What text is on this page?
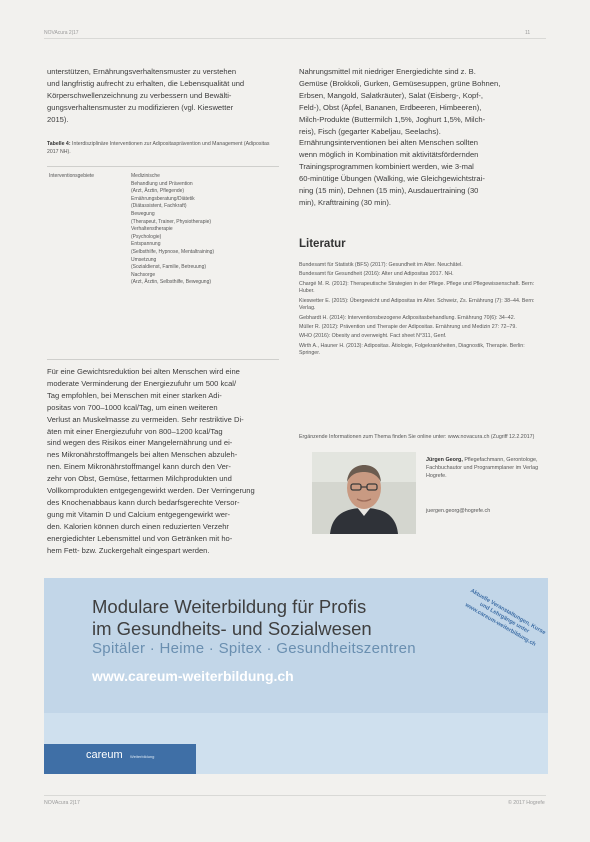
NOVAcura 2|17	11

unterstützen, Ernährungsverhaltensmuster zu verstehen
und langfristig aufrecht zu erhalten, die Lebensqualität und
Körperschwellenzeichnung zu verbessern und Bewälti-
gungsverhaltensmuster zu modifizieren (vgl. Kieswetter
2015).

Tabelle 4: Interdisziplinäre Interventionen zur Adipositasprävention und Management (Adipositas 2017 NH).
Interventionsgebiete	Medizinische
Behandlung und Prävention
(Arzt, Ärztin, Pflegende)
Ernährungsberatung/Diätetik
(Diätassistent, Fachkraft)
Bewegung
(Therapeut, Trainer, Physiotherapie)
Verhaltenstherapie
(Psychologie)
Entspannung
(Selbsthilfe, Hypnose, Mentaltraining)
Umsetzung
(Sozialdienst, Familie, Betreuung)
Nachsorge
(Arzt, Ärztin, Selbsthilfe, Bewegung)

Für eine Gewichtsreduktion bei alten Menschen wird eine
moderate Verminderung der Energiezufuhr um 500 kcal/
Tag empfohlen, bei Menschen mit einer starken Adi-
positas von 700–1000 kcal/Tag, um einen weiteren
Verlust an Muskelmasse zu vermeiden. Sehr restriktive Di-
äten mit einer Energiezufuhr von 800–1200 kcal/Tag
sind wegen des Risikos einer Mangelernährung und ei-
nes Mikronährstoffmangels bei alten Menschen abzuleh-
nen. Einem Mikronährstoffmangel kann durch den Ver-
zehr von Obst, Gemüse, fettarmen Milchprodukten und
Vollkornprodukten entgegengewirkt werden. Der Verringerung
des Knochenabbaus kann durch bedarfsgerechte Versor-
gung mit Vitamin D und Calcium entgegengewirkt wer-
den. Kalorien können durch einen reduzierten Verzehr
energiedichter Lebensmittel und von Getränken mit ho-
hem Fett- bzw. Zuckergehalt eingespart werden.

Nahrungsmittel mit niedriger Energiedichte sind z. B.
Gemüse (Brokkoli, Gurken, Gemüsesuppen, grüne Bohnen,
Erbsen, Mangold, Salatkräuter), Salat (Eisberg-, Kopf-,
Feld-), Obst (Äpfel, Bananen, Erdbeeren, Himbeeren),
Milch-Produkte (Buttermilch 1,5%, Joghurt 1,5%, Milch-
reis), Fisch (gegarter Kabeljau, Seelachs).
Ernährungsinterventionen bei alten Menschen sollten
wenn möglich in Kombination mit aktivitätsfördernden
Trainingsprogrammen kombiniert werden, wie 3-mal
60-minütige Übungen (Walking, wie Gleichgewichtstrai-
ning (15 min), Dehnen (15 min), Ausdauertraining (30
min), Krafttraining (30 min).

Literatur
Bundesamt für Statistik (BFS) (2017): Gesundheit im Alter. Neuchâtel.
Bundesamt für Gesundheit (2016): Alter und Adipositas 2017. NH.
Chargé M. R. (2012): Therapeutische Strategien in der Pflege. Pflege und Pflegewissenschaft. Bern: Huber.
Kieswetter E. (2015): Übergewicht und Adipositas im Alter. Schweiz, Zs. Ernährung (7): 38–44. Bern: Verlag.
Gebhardt H. (2014): Interventionsbezogene Adipositasbehandlung. Ernährung 70(6): 34–42.
Müller R. (2012): Prävention und Therapie der Adipositas. Ernährung und Medizin 27: 72–79.
WHO (2016): Obesity and overweight. Fact sheet N°311, Genf.
Wirth A., Hauner H. (2013): Adipositas. Ätiologie, Folgekrankheiten, Diagnostik, Therapie. Berlin: Springer.
Ergänzende Informationen zum Thema finden Sie online unter: www.novacura.ch (Zugriff 12.2.2017)
Jürgen Georg, Pflegefachmann, Gerontologe, Fachbuchautor und Programmplaner im Verlag Hogrefe.
juergen.georg@hogrefe.ch
Modulare Weiterbildung für Profis
im Gesundheits- und Sozialwesen
Spitäler · Heime · Spitex · Gesundheitszentren
www.careum-weiterbildung.ch
Aktuelle Veranstaltungen, Kurse und Lehrgänge unter www.careum-weiterbildung.ch
careum Weiterbildung
NOVAcura 2|17	© 2017 Hogrefe
